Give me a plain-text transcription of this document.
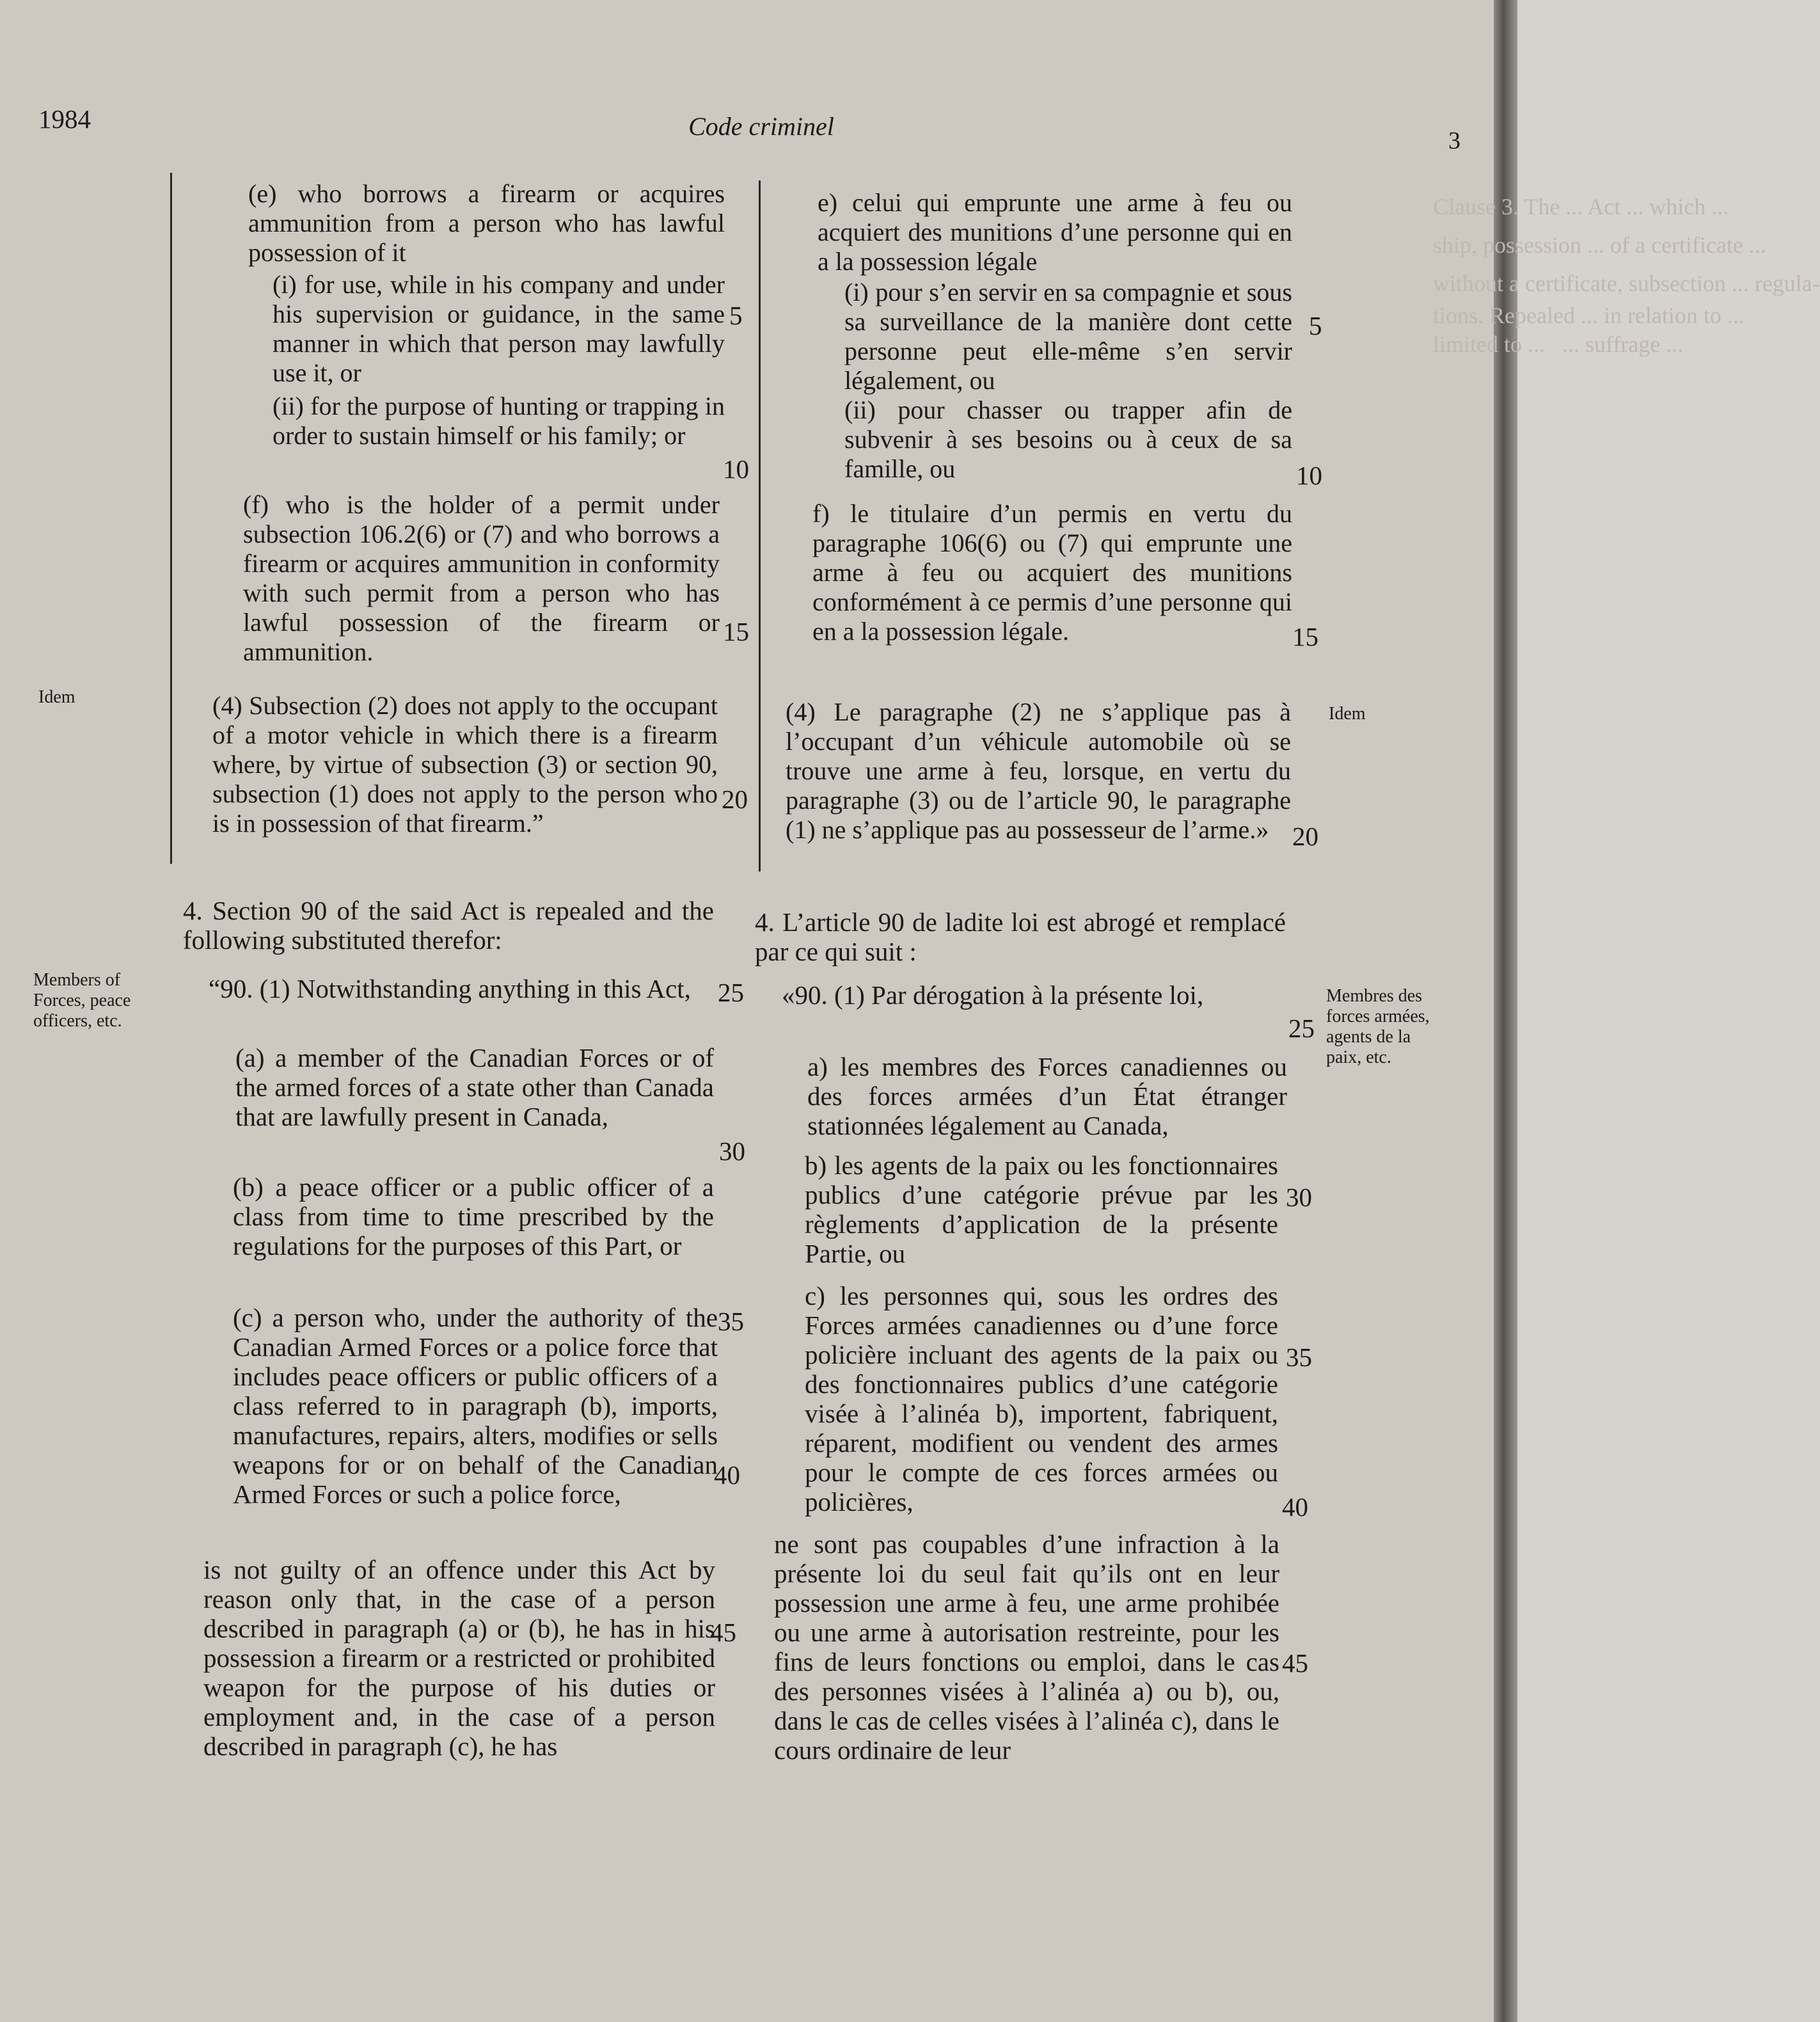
Clause 3. The ... Act ... which ...
ship, possession ... of a certificate ...
without a certificate, subsection ... regula-
tions. Repealed ... in relation to ...
limited to ...   ... suffrage ...
1984	Code criminel	3
Idem
Members of
Forces, peace
officers, etc.
Idem
Membres des
forces armées,
agents de la
paix, etc.

(e) who borrows a firearm or acquires ammunition from a person who has lawful possession of it

(i) for use, while in his company and under his supervision or guidance, in the same manner in which that person may lawfully use it, or

(ii) for the purpose of hunting or trapping in order to sustain himself or his family; or

(f) who is the holder of a permit under subsection 106.2(6) or (7) and who borrows a firearm or acquires ammunition in conformity with such permit from a person who has lawful possession of the firearm or ammunition.

(4) Subsection (2) does not apply to the occupant of a motor vehicle in which there is a firearm where, by virtue of subsection (3) or section 90, subsection (1) does not apply to the person who is in possession of that firearm.”

4. Section 90 of the said Act is repealed and the following substituted therefor:

“90. (1) Notwithstanding anything in this Act,

(a) a member of the Canadian Forces or of the armed forces of a state other than Canada that are lawfully present in Canada,

(b) a peace officer or a public officer of a class from time to time prescribed by the regulations for the purposes of this Part, or

(c) a person who, under the authority of the Canadian Armed Forces or a police force that includes peace officers or public officers of a class referred to in paragraph (b), imports, manufactures, repairs, alters, modifies or sells weapons for or on behalf of the Canadian Armed Forces or such a police force,

is not guilty of an offence under this Act by reason only that, in the case of a person described in paragraph (a) or (b), he has in his possession a firearm or a restricted or prohibited weapon for the purpose of his duties or employment and, in the case of a person described in paragraph (c), he has

5
10
15
20
25
30
35
40
45

e) celui qui emprunte une arme à feu ou acquiert des munitions d’une personne qui en a la possession légale

(i) pour s’en servir en sa compagnie et sous sa surveillance de la manière dont cette personne peut elle-même s’en servir légalement, ou

(ii) pour chasser ou trapper afin de subvenir à ses besoins ou à ceux de sa famille, ou

f) le titulaire d’un permis en vertu du paragraphe 106(6) ou (7) qui emprunte une arme à feu ou acquiert des munitions conformément à ce permis d’une personne qui en a la possession légale.

(4) Le paragraphe (2) ne s’applique pas à l’occupant d’un véhicule automobile où se trouve une arme à feu, lorsque, en vertu du paragraphe (3) ou de l’article 90, le paragraphe (1) ne s’applique pas au possesseur de l’arme.»

4. L’article 90 de ladite loi est abrogé et remplacé par ce qui suit :

«90. (1) Par dérogation à la présente loi,

a) les membres des Forces canadiennes ou des forces armées d’un État étranger stationnées légalement au Canada,

b) les agents de la paix ou les fonctionnaires publics d’une catégorie prévue par les règlements d’application de la présente Partie, ou

c) les personnes qui, sous les ordres des Forces armées canadiennes ou d’une force policière incluant des agents de la paix ou des fonctionnaires publics d’une catégorie visée à l’alinéa b), importent, fabriquent, réparent, modifient ou vendent des armes pour le compte de ces forces armées ou policières,

ne sont pas coupables d’une infraction à la présente loi du seul fait qu’ils ont en leur possession une arme à feu, une arme prohibée ou une arme à autorisation restreinte, pour les fins de leurs fonctions ou emploi, dans le cas des personnes visées à l’alinéa a) ou b), ou, dans le cas de celles visées à l’alinéa c), dans le cours ordinaire de leur

5
10
15
20
25
30
35
40
45
